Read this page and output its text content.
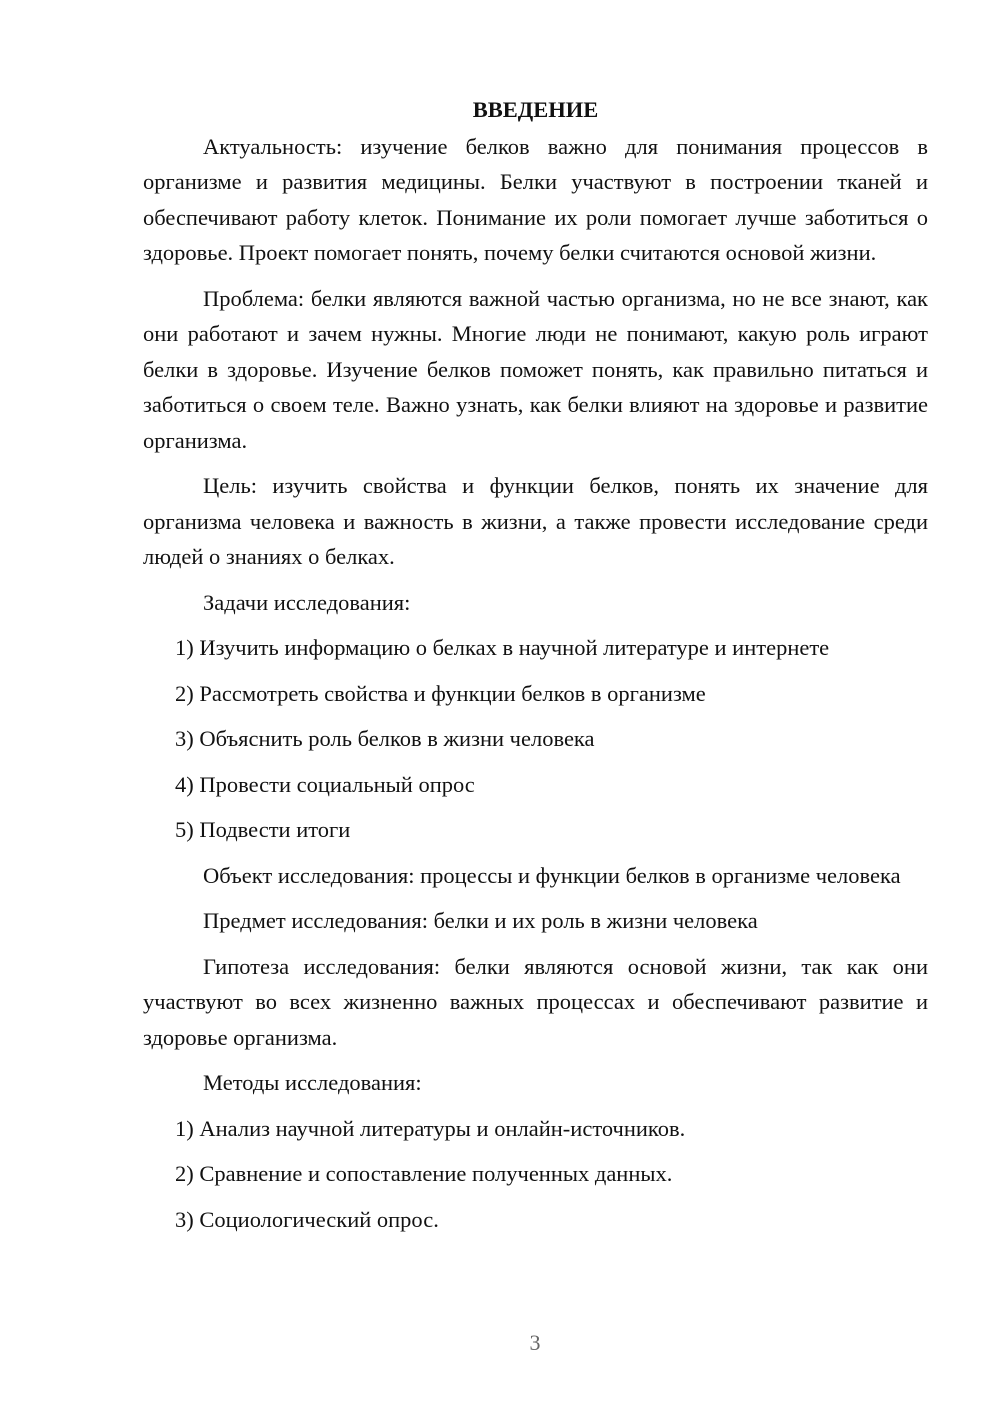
ВВЕДЕНИЕ
Актуальность: изучение белков важно для понимания процессов в организме и развития медицины. Белки участвуют в построении тканей и обеспечивают работу клеток. Понимание их роли помогает лучше заботиться о здоровье. Проект помогает понять, почему белки считаются основой жизни.
Проблема: белки являются важной частью организма, но не все знают, как они работают и зачем нужны. Многие люди не понимают, какую роль играют белки в здоровье. Изучение белков поможет понять, как правильно питаться и заботиться о своем теле. Важно узнать, как белки влияют на здоровье и развитие организма.
Цель: изучить свойства и функции белков, понять их значение для организма человека и важность в жизни, а также провести исследование среди людей о знаниях о белках.
Задачи исследования:
1) Изучить информацию о белках в научной литературе и интернете
2) Рассмотреть свойства и функции белков в организме
3) Объяснить роль белков в жизни человека
4) Провести социальный опрос
5) Подвести итоги
Объект исследования: процессы и функции белков в организме человека
Предмет исследования: белки и их роль в жизни человека
Гипотеза исследования: белки являются основой жизни, так как они участвуют во всех жизненно важных процессах и обеспечивают развитие и здоровье организма.
Методы исследования:
1) Анализ научной литературы и онлайн-источников.
2) Сравнение и сопоставление полученных данных.
3) Социологический опрос.
3
